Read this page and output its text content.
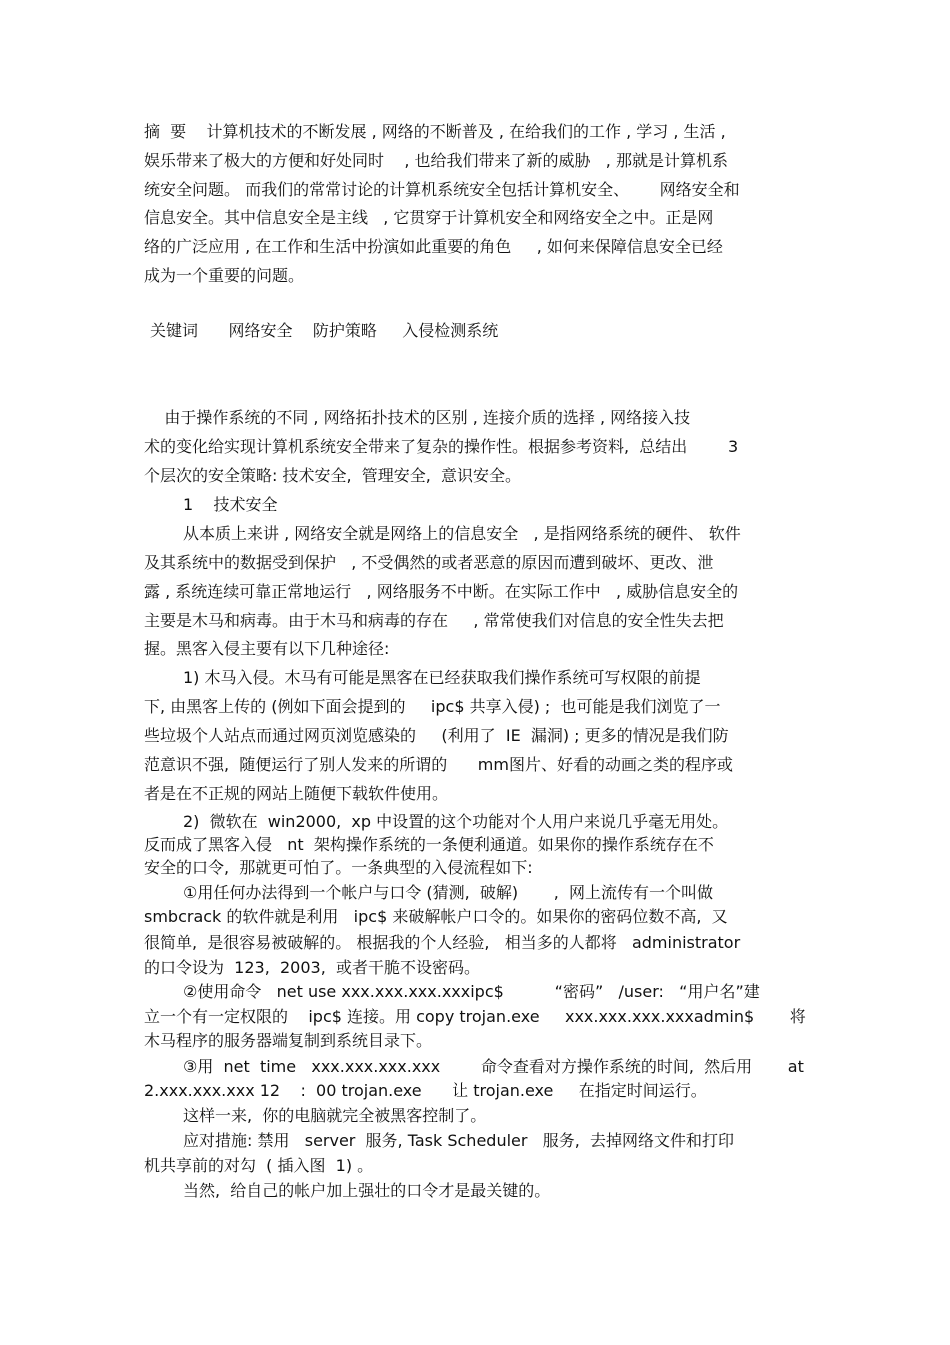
摘  要    计算机技术的不断发展 , 网络的不断普及 , 在给我们的工作 , 学习 , 生活 ,
娱乐带来了极大的方便和好处同时    , 也给我们带来了新的威胁   , 那就是计算机系
统安全问题。 而我们的常常讨论的计算机系统安全包括计算机安全、      网络安全和
信息安全。其中信息安全是主线   , 它贯穿于计算机安全和网络安全之中。正是网
络的广泛应用 , 在工作和生活中扮演如此重要的角色     , 如何来保障信息安全已经
成为一个重要的问题。
关键词      网络安全    防护策略     入侵检测系统
由于操作系统的不同 , 网络拓扑技术的区别 , 连接介质的选择 , 网络接入技
术的变化给实现计算机系统安全带来了复杂的操作性。根据参考资料,  总结出        3
个层次的安全策略: 技术安全,  管理安全,  意识安全。
1    技术安全
从本质上来讲 , 网络安全就是网络上的信息安全   , 是指网络系统的硬件、 软件
及其系统中的数据受到保护   , 不受偶然的或者恶意的原因而遭到破坏、更改、泄
露 , 系统连续可靠正常地运行   , 网络服务不中断。在实际工作中   , 威胁信息安全的
主要是木马和病毒。由于木马和病毒的存在     , 常常使我们对信息的安全性失去把
握。黑客入侵主要有以下几种途径:
1) 木马入侵。木马有可能是黑客在已经获取我们操作系统可写权限的前提
下, 由黑客上传的 (例如下面会提到的     ipc$ 共享入侵) ;  也可能是我们浏览了一
些垃圾个人站点而通过网页浏览感染的     (利用了  IE  漏洞) ; 更多的情况是我们防
范意识不强,  随便运行了别人发来的所谓的      mm图片、好看的动画之类的程序或
者是在不正规的网站上随便下载软件使用。
2)  微软在  win2000,  xp 中设置的这个功能对个人用户来说几乎毫无用处。
反而成了黑客入侵   nt  架构操作系统的一条便利通道。如果你的操作系统存在不
安全的口令,  那就更可怕了。一条典型的入侵流程如下:
①用任何办法得到一个帐户与口令 (猜测,  破解)       ,  网上流传有一个叫做
smbcrack 的软件就是利用   ipc$ 来破解帐户口令的。如果你的密码位数不高,  又
很简单,  是很容易被破解的。 根据我的个人经验,   相当多的人都将   administrator
的口令设为  123,  2003,  或者干脆不设密码。
②使用命令   net use xxx.xxx.xxx.xxxipc$          “密码”   /user:   “用户名”建
立一个有一定权限的    ipc$ 连接。用 copy trojan.exe     xxx.xxx.xxx.xxxadmin$       将
木马程序的服务器端复制到系统目录下。
③用  net  time   xxx.xxx.xxx.xxx        命令查看对方操作系统的时间,  然后用       at
2.xxx.xxx.xxx 12    :  00 trojan.exe      让 trojan.exe     在指定时间运行。
这样一来,  你的电脑就完全被黑客控制了。
应对措施: 禁用   server  服务, Task Scheduler   服务,  去掉网络文件和打印
机共享前的对勾  ( 插入图  1) 。
当然,  给自己的帐户加上强壮的口令才是最关键的。
